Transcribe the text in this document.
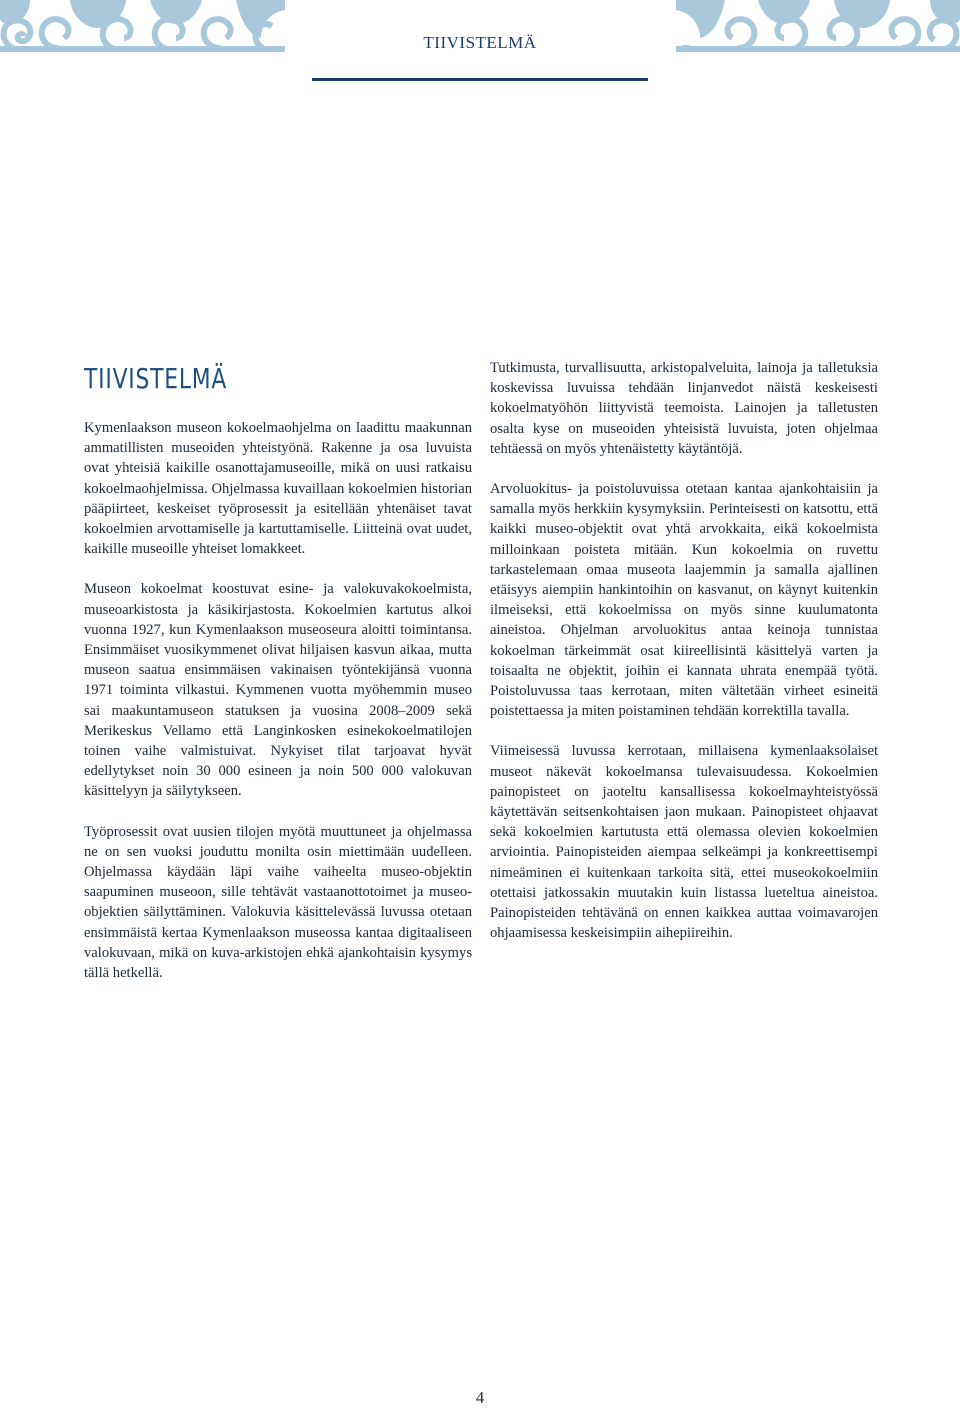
TIIVISTELMÄ
TIIVISTELMÄ

Kymenlaakson museon kokoelmaohjelma on laadittu maakunnan ammatillisten museoiden yhteistyönä. Rakenne ja osa luvuista ovat yhteisiä kaikille osanottajamuseoille, mikä on uusi ratkaisu kokoelmaohjelmissa. Ohjelmassa kuvaillaan kokoelmien historian pääpiirteet, keskeiset työprosessit ja esitellään yhtenäiset tavat kokoelmien arvottamiselle ja kartuttamiselle. Liitteinä ovat uudet, kaikille museoille yhteiset lomakkeet.

Museon kokoelmat koostuvat esine- ja valokuvakokoelmista, museoarkistosta ja käsikirjastosta. Kokoelmien kartutus alkoi vuonna 1927, kun Kymenlaakson museoseura aloitti toimintansa. Ensimmäiset vuosikymmenet olivat hiljaisen kasvun aikaa, mutta museon saatua ensimmäisen vakinaisen työntekijänsä vuonna 1971 toiminta vilkastui. Kymmenen vuotta myöhemmin museo sai maakuntamuseon statuksen ja vuosina 2008–2009 sekä Merikeskus Vellamo että Langinkosken esinekokoelmatilojen toinen vaihe valmistuivat. Nykyiset tilat tarjoavat hyvät edellytykset noin 30 000 esineen ja noin 500 000 valokuvan käsittelyyn ja säilytykseen.

Työprosessit ovat uusien tilojen myötä muuttuneet ja ohjelmassa ne on sen vuoksi jouduttu monilta osin miettimään uudelleen. Ohjelmassa käydään läpi vaihe vaiheelta museo-objektin saapuminen museoon, sille tehtävät vastaanottotoimet ja museo-objektien säilyttäminen. Valokuvia käsittelevässä luvussa otetaan ensimmäistä kertaa Kymenlaakson museossa kantaa digitaaliseen valokuvaan, mikä on kuva-arkistojen ehkä ajankohtaisin kysymys tällä hetkellä.

Tutkimusta, turvallisuutta, arkistopalveluita, lainoja ja talletuksia koskevissa luvuissa tehdään linjanvedot näistä keskeisesti kokoelmatyöhön liittyvistä teemoista. Lainojen ja talletusten osalta kyse on museoiden yhteisistä luvuista, joten ohjelmaa tehtäessä on myös yhtenäistetty käytäntöjä.

Arvoluokitus- ja poistoluvuissa otetaan kantaa ajankohtaisiin ja samalla myös herkkiin kysymyksiin. Perinteisesti on katsottu, että kaikki museo-objektit ovat yhtä arvokkaita, eikä kokoelmista milloinkaan poisteta mitään. Kun kokoelmia on ruvettu tarkastelemaan omaa museota laajemmin ja samalla ajallinen etäisyys aiempiin hankintoihin on kasvanut, on käynyt kuitenkin ilmeiseksi, että kokoelmissa on myös sinne kuulumatonta aineistoa. Ohjelman arvoluokitus antaa keinoja tunnistaa kokoelman tärkeimmät osat kiireellisintä käsittelyä varten ja toisaalta ne objektit, joihin ei kannata uhrata enempää työtä. Poistoluvussa taas kerrotaan, miten vältetään virheet esineitä poistettaessa ja miten poistaminen tehdään korrektilla tavalla.

Viimeisessä luvussa kerrotaan, millaisena kymenlaaksolaiset museot näkevät kokoelmansa tulevaisuudessa. Kokoelmien painopisteet on jaoteltu kansallisessa kokoelmayhteistyössä käytettävän seitsenkohtaisen jaon mukaan. Painopisteet ohjaavat sekä kokoelmien kartutusta että olemassa olevien kokoelmien arviointia. Painopisteiden aiempaa selkeämpi ja konkreettisempi nimeäminen ei kuitenkaan tarkoita sitä, ettei museokokoelmiin otettaisi jatkossakin muutakin kuin listassa lueteltua aineistoa. Painopisteiden tehtävänä on ennen kaikkea auttaa voimavarojen ohjaamisessa keskeisimpiin aihepiireihin.

4
